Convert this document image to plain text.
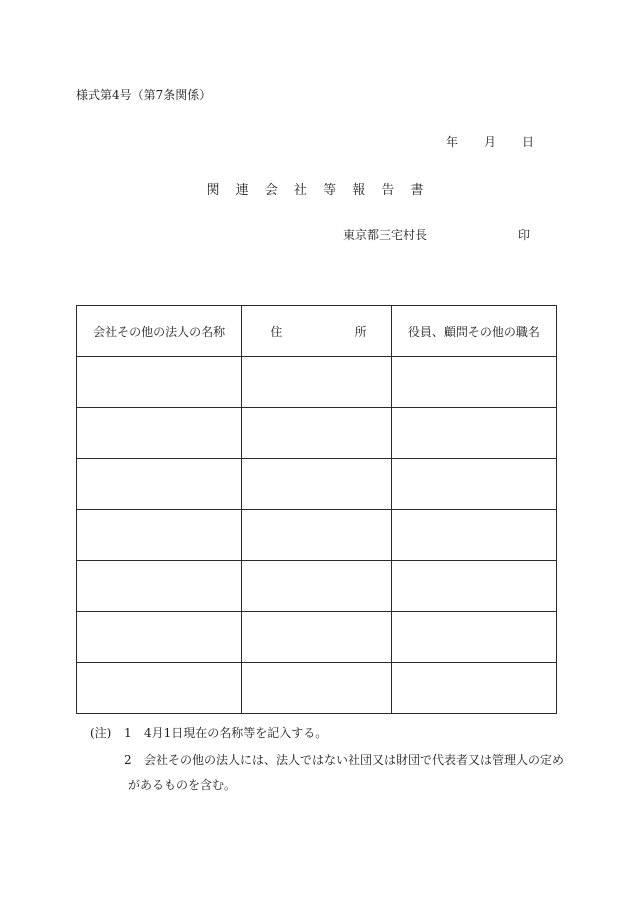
様式第4号（第7条関係）
年 月 日
関 連 会 社 等 報 告 書
東京都三宅村長	印
会社その他の法人の名称	住 所	役員、顧問その他の職名

(注) 1 4月1日現在の名称等を記入する。
2 会社その他の法人には、法人ではない社団又は財団で代表者又は管理人の定め
があるものを含む。
